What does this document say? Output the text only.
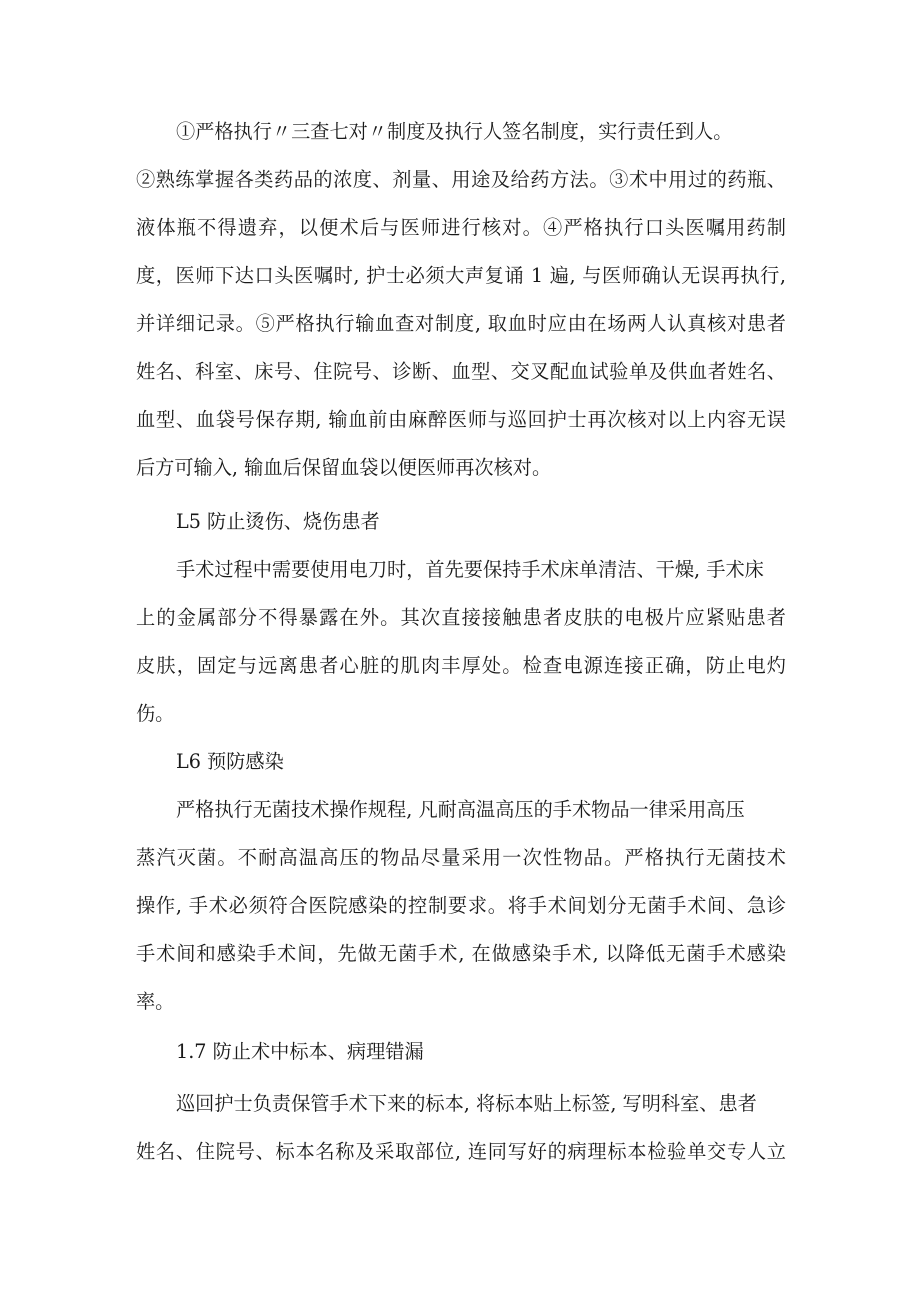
①严格执行〃三查七对〃制度及执行人签名制度，实行责任到人。

②熟练掌握各类药品的浓度、剂量、用途及给药方法。③术中用过的药瓶、

液体瓶不得遗弃，以便术后与医师进行核对。④严格执行口头医嘱用药制

度，医师下达口头医嘱时, 护士必须大声复诵 1 遍, 与医师确认无误再执行,

并详细记录。⑤严格执行输血查对制度, 取血时应由在场两人认真核对患者

姓名、科室、床号、住院号、诊断、血型、交叉配血试验单及供血者姓名、

血型、血袋号保存期, 输血前由麻醉医师与巡回护士再次核对以上内容无误

后方可输入, 输血后保留血袋以便医师再次核对。

L5 防止烫伤、烧伤患者

手术过程中需要使用电刀时，首先要保持手术床单清洁、干燥, 手术床

上的金属部分不得暴露在外。其次直接接触患者皮肤的电极片应紧贴患者

皮肤，固定与远离患者心脏的肌肉丰厚处。检查电源连接正确，防止电灼

伤。

L6 预防感染

严格执行无菌技术操作规程, 凡耐高温高压的手术物品一律采用高压

蒸汽灭菌。不耐高温高压的物品尽量采用一次性物品。严格执行无菌技术

操作, 手术必须符合医院感染的控制要求。将手术间划分无菌手术间、急诊

手术间和感染手术间，先做无菌手术, 在做感染手术, 以降低无菌手术感染

率。

1.7 防止术中标本、病理错漏

巡回护士负责保管手术下来的标本, 将标本贴上标签, 写明科室、患者

姓名、住院号、标本名称及采取部位, 连同写好的病理标本检验单交专人立
